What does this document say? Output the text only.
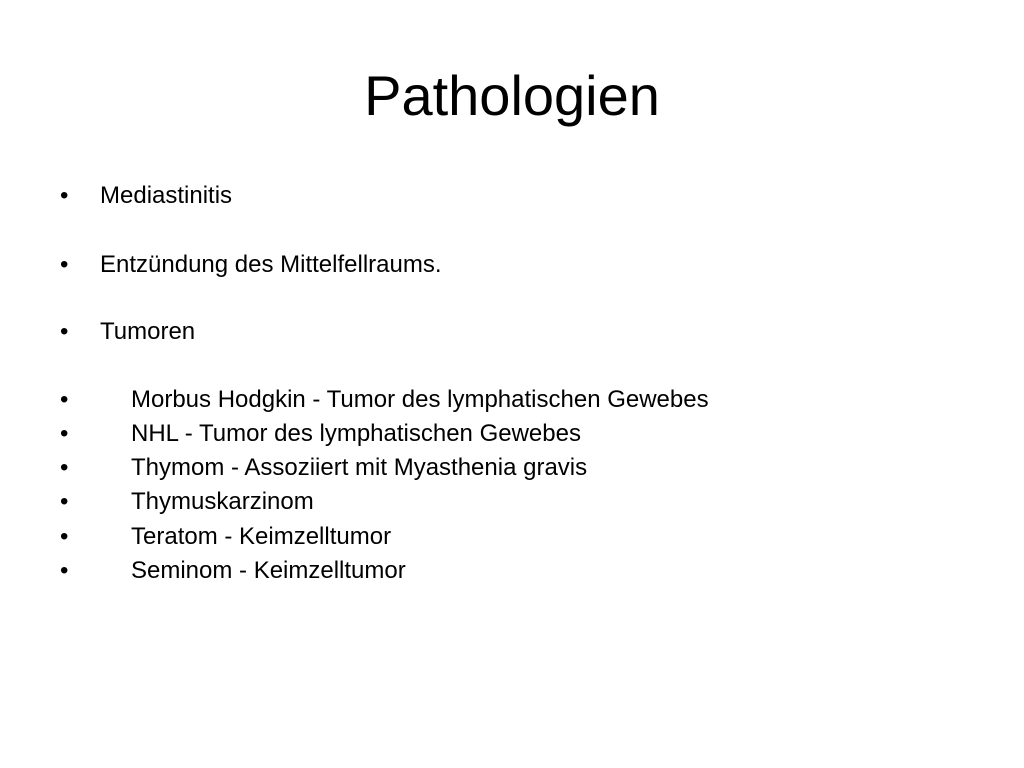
Pathologien
• Mediastinitis
• Entzündung des Mittelfellraums.
• Tumoren
•	Morbus Hodgkin - Tumor des lymphatischen Gewebes
•	NHL - Tumor des lymphatischen Gewebes
•	Thymom - Assoziiert mit Myasthenia gravis
•	Thymuskarzinom
•	Teratom - Keimzelltumor
•	Seminom - Keimzelltumor
